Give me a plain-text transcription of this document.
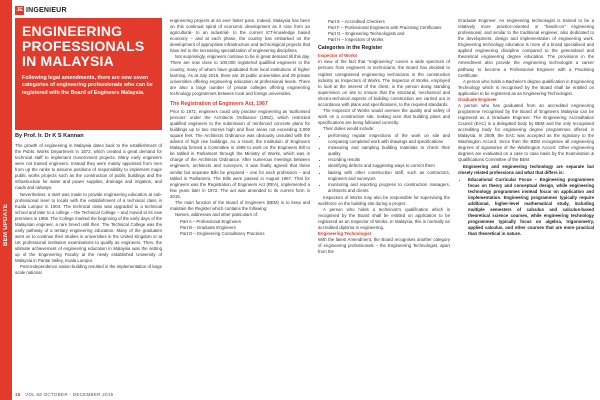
BEM UPDATE
JE INGENIEUR
ENGINEERING PROFESSIONALS IN MALAYSIA

Following legal amendments, there are now seven categories of engineering professionals who can be registered with the Board of Engineers Malaysia.

By Prof. Ir. Dr K S Kannan

The growth of engineering in Malaysia dates back to the establishment of the Public Works Department in 1872, which created a great demand for technical staff to implement Government projects. Many early engineers were not trained engineers. Instead they were mainly appointed from men from up the ranks to assume positions of responsibility to implement major public works projects such as the construction of public buildings and the infrastructure for water and power supplies, drainage and irrigation, and roads and railways.

Nevertheless, a start was made to provide engineering education at sub-professional level to locals with the establishment of a technical class in Kuala Lumpur in 1904. The technical class was upgraded to a technical school and later to a college – the Technical College – and moved to its new premises in 1955. The College marked the beginning of the early days of the Malaysian engineer, a rare breed until then. The Technical College was the early pathway of a tertiary engineering education. Many of the graduates went on to continue their studies in universities in the United Kingdom or at UK professional institution examinations to qualify as engineers. Then, the ultimate achievement of engineering education in Malaysia was the setting up of the Engineering Faculty at the newly established University of Malaysia in Pantai Valley, Kuala Lumpur.

Post-independence nation-building resulted in the implementation of large scale national

engineering projects at an ever faster pace. Indeed, Malaysia has been on this continual spiral of economic development as it rose from an agricultural- to an industrial- to the current ICT-knowledge based economy – and at each phase, the country has embarked on the development of appropriate infrastructure and technological projects that have led to the increasing specialization of engineering disciplines.

Not surprisingly, engineers continue to be in great demand till this day. There are now close to 100,000 registered qualified engineers in the country, many of whom have graduated from local institutions of higher learning. As at July 2016, there are 15 public universities and 29 private universities offering engineering education at professional levels. There are also a large number of private colleges offering engineering technology programmes between local and foreign universities.

The Registration of Engineers Act, 1967

Prior to 1972, engineers could only practise engineering as 'authorised persons' under the Architects Ordinance (1952), which restricted qualified engineers to the submission of reinforced concrete plans for buildings up to two storeys high and floor areas not exceeding 3,000 square feet. The Architects Ordinance was obviously unsuited with the advent of high rise buildings. As a result, the Institution of Engineers Malaysia formed a Committee in 1959 to work on the Engineers Bill to be tabled in Parliament through the Ministry of Works, which was in charge of the Architects Ordinance. After numerous meetings between engineers, architects and surveyors, it was finally agreed that these similar but separate Bills be prepared – one for each profession – and tabled in Parliament. The Bills were passed in August 1967. That for engineers was the Registration of Engineers Act (REA), implemented a few years later in 1972. The act was amended to its current form in 2015.

The main function of the Board of Engineers (BEM) is to keep and maintain the Register which contains the following:

Names, addresses and other particulars of:

Part A – Professional Engineers
Part B – Graduate Engineers
Part D – Engineering Consultancy Practices
Part E – Accredited Checkers
Part F – Professional Engineers with Practising Certificates
Part G – Engineering Technologists and
Part H – Inspectors of Works
Categories in the Register

Inspector of Works

In view of the fact that "engineering" covers a wide spectrum of persons from engineers to technicians, the Board has decided to register unregistered engineering technicians in the construction industry as Inspectors of Works. The Inspector of Works, employed to look at the interest of the client, is the person doing standing supervision on site to ensure that the structural, mechanical and electro-technical aspects of building construction are carried out in accordance with plans and specifications, to the required standards.

The Inspector of Works would oversee the quality and safety of work on a construction site, making sure that building plans and specifications are being followed correctly.

Their duties would include:

• performing regular inspections of the work on site and comparing completed work with drawings and specifications
• measuring and sampling building materials to check their quality
• recording results
• identifying defects and suggesting ways to correct them
• liaising with other construction staff, such as contractors, engineers and surveyors
• monitoring and reporting progress to construction managers, architects and clients

Inspectors of Works may also be responsible for supervising the workforce on the building site during a project.

A person who holds a technician's qualification which is recognised by the Board shall be entitled on application to be registered as an Inspector of Works. In Malaysia, this is normally an accredited diploma in engineering.

Engineering Technologist

With the latest Amendment, the Board recognises another category of engineering professionals – the Engineering Technologist, apart from the

Graduate Engineer. An engineering technologist is trained to be a relatively more practice-oriented or "hands-on" engineering professional, and similar to the traditional engineer, also dedicated to the development, design and implementation of engineering work. Engineering technology education is more of a broad specialised and applied engineering discipline compared to the generalised and theoretical engineering degree education. The provisions in the Amendment also provide the engineering technologist a career pathway to become a Professional Engineer with a Practising Certificate.

A person who holds a Bachelor's degree qualification in Engineering Technology which is recognised by the Board shall be entitled on application to be registered as an Engineering Technologist.

Graduate Engineer

A person who has graduated from an accredited engineering programme recognised by the Board of Engineers Malaysia can be registered as a Graduate Engineer. The Engineering Accreditation Council (EAC) is a delegated body by BEM and the only recognised accrediting body for engineering degree programmes offered in Malaysia. In 2009, the EAC was accepted as the signatory to the Washington Accord. Since then the BEM recognises all engineering degrees of signatories of the Washington Accord. Other engineering degrees are evaluated on a case to case basis by the Examination & Qualifications Committee of the BEM.

Engineering and engineering technology are separate but closely related professions and what that differs is:

• Educational Curricular Focus – Engineering programmes focus on theory and conceptual design, while engineering technology programmes instead focus on application and implementation. Engineering programmes typically require additional, higher-level mathematical study, including multiple semesters of calculus and calculus-based theoretical science courses, while engineering technology programmes typically focus on algebra, trigonometry, applied calculus, and other courses that are more practical than theoretical in nature.
18 VOL 68 OCTOBER - DECEMBER 2016
